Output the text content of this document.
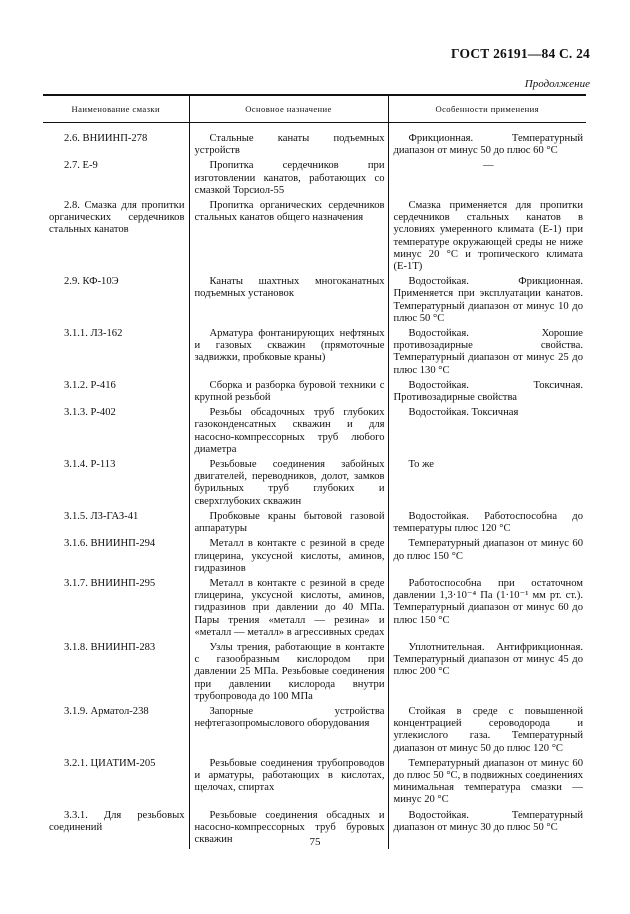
ГОСТ 26191—84 С. 24
Продолжение
Наименование смазки	Основное назначение	Особенности применения

2.6. ВНИИНП-278	Стальные канаты подъемных устройств	Фрикционная. Температурный диапазон от минус 50 до плюс 60 °C
2.7. Е-9	Пропитка сердечников при изготовлении канатов, работающих со смазкой Торсиол-55	—
2.8. Смазка для пропитки органических сердечников стальных канатов	Пропитка органических сердечников стальных канатов общего назначения	Смазка применяется для пропитки сердечников стальных канатов в условиях умеренного климата (Е-1) при температуре окружающей среды не ниже минус 20 °C и тропического климата (Е-1Т)
2.9. КФ-10Э	Канаты шахтных многоканатных подъемных установок	Водостойкая. Фрикционная. Применяется при эксплуатации канатов. Температурный диапазон от минус 10 до плюс 50 °C
3.1.1. ЛЗ-162	Арматура фонтанирующих нефтяных и газовых скважин (прямоточные задвижки, пробковые краны)	Водостойкая. Хорошие противозадирные свойства. Температурный диапазон от минус 25 до плюс 130 °C
3.1.2. Р-416	Сборка и разборка буровой техники с крупной резьбой	Водостойкая. Токсичная. Противозадирные свойства
3.1.3. Р-402	Резьбы обсадочных труб глубоких газоконденсатных скважин и для насосно-компрессорных труб любого диаметра	Водостойкая. Токсичная
3.1.4. Р-113	Резьбовые соединения забойных двигателей, переводников, долот, замков бурильных труб глубоких и сверхглубоких скважин	То же
3.1.5. ЛЗ-ГАЗ-41	Пробковые краны бытовой газовой аппаратуры	Водостойкая. Работоспособна до температуры плюс 120 °C
3.1.6. ВНИИНП-294	Металл в контакте с резиной в среде глицерина, уксусной кислоты, аминов, гидразинов	Температурный диапазон от минус 60 до плюс 150 °C
3.1.7. ВНИИНП-295	Металл в контакте с резиной в среде глицерина, уксусной кислоты, аминов, гидразинов при давлении до 40 МПа. Пары трения «металл — резина» и «металл — металл» в агрессивных средах	Работоспособна при остаточном давлении 1,3·10⁻⁴ Па (1·10⁻¹ мм рт. ст.). Температурный диапазон от минус 60 до плюс 150 °C
3.1.8. ВНИИНП-283	Узлы трения, работающие в контакте с газообразным кислородом при давлении 25 МПа. Резьбовые соединения при давлении кислорода внутри трубопровода до 100 МПа	Уплотнительная. Антифрикционная. Температурный диапазон от минус 45 до плюс 200 °C
3.1.9. Арматол-238	Запорные устройства нефтегазопромыслового оборудования	Стойкая в среде с повышенной концентрацией сероводорода и углекислого газа. Температурный диапазон от минус 50 до плюс 120 °C
3.2.1. ЦИАТИМ-205	Резьбовые соединения трубопроводов и арматуры, работающих в кислотах, щелочах, спиртах	Температурный диапазон от минус 60 до плюс 50 °C, в подвижных соединениях минимальная температура смазки — минус 20 °C
3.3.1. Для резьбовых соединений	Резьбовые соединения обсадных и насосно-компрессорных труб буровых скважин	Водостойкая. Температурный диапазон от минус 30 до плюс 50 °C
75
